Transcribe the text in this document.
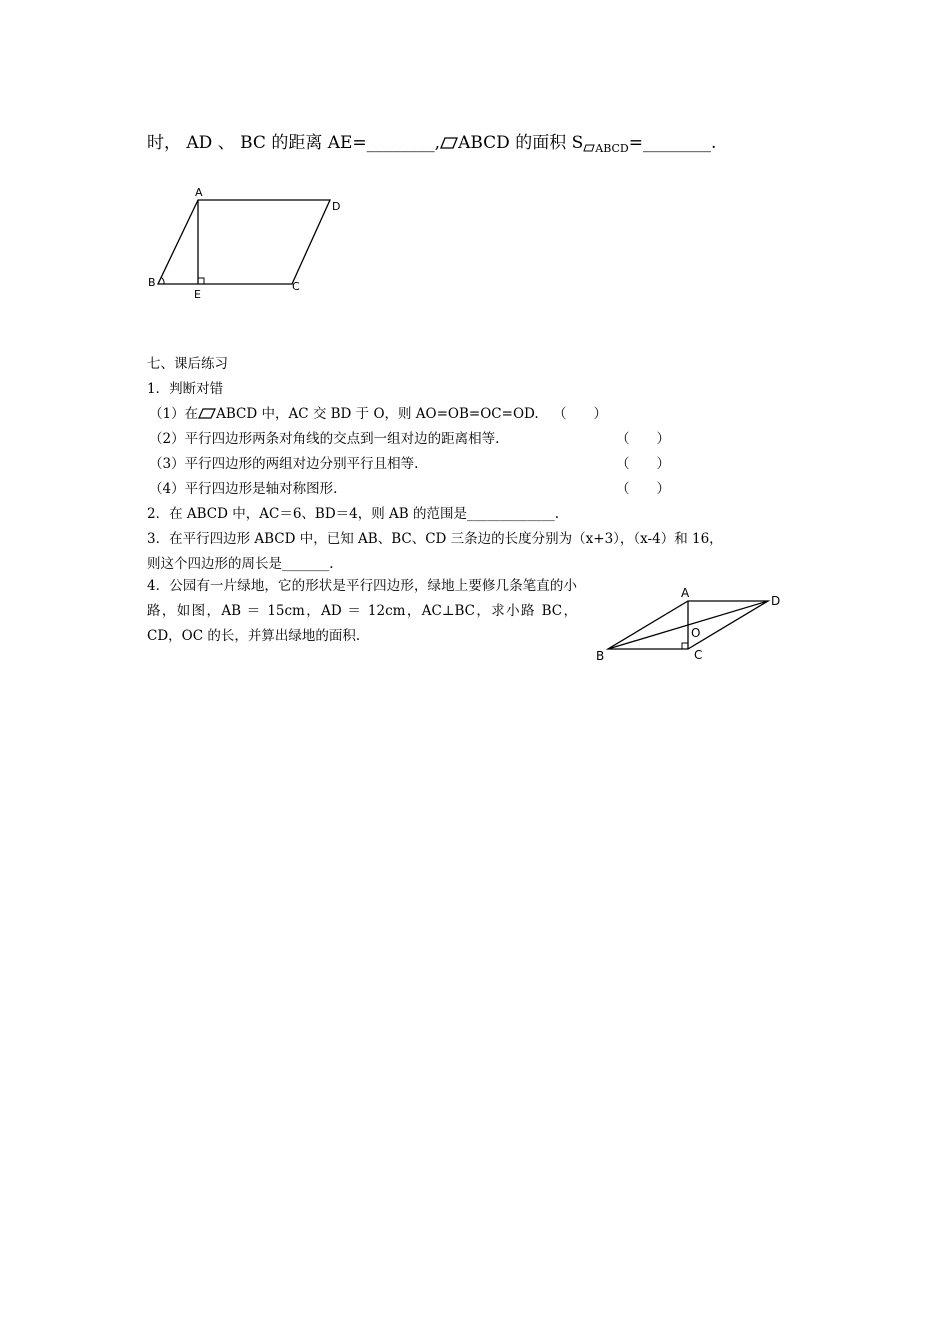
时， AD 、 BC 的距离 AE=________, ABCD 的面积 S $_{ABCD}$=________.
A
D
B
E
C
七、课后练习
1．判断对错
（1）在 ABCD 中，AC 交 BD 于 O，则 AO=OB=OC=OD. （　　）
（2）平行四边形两条对角线的交点到一组对边的距离相等.	（　　）
（3）平行四边形的两组对边分别平行且相等.	（　　）
（4）平行四边形是轴对称图形.	（　　）
2．在 ABCD 中，AC＝6、BD＝4，则 AB 的范围是_____________.
3．在平行四边形 ABCD 中，已知 AB、BC、CD 三条边的长度分别为（x+3），（x-4）和 16，
则这个四边形的周长是_______.
4．公园有一片绿地，它的形状是平行四边形，绿地上要修几条笔直的小路，如图，AB ＝ 15cm，AD ＝ 12cm，AC⊥BC，求小路 BC，CD，OC 的长，并算出绿地的面积.
A
D
O
B	C
